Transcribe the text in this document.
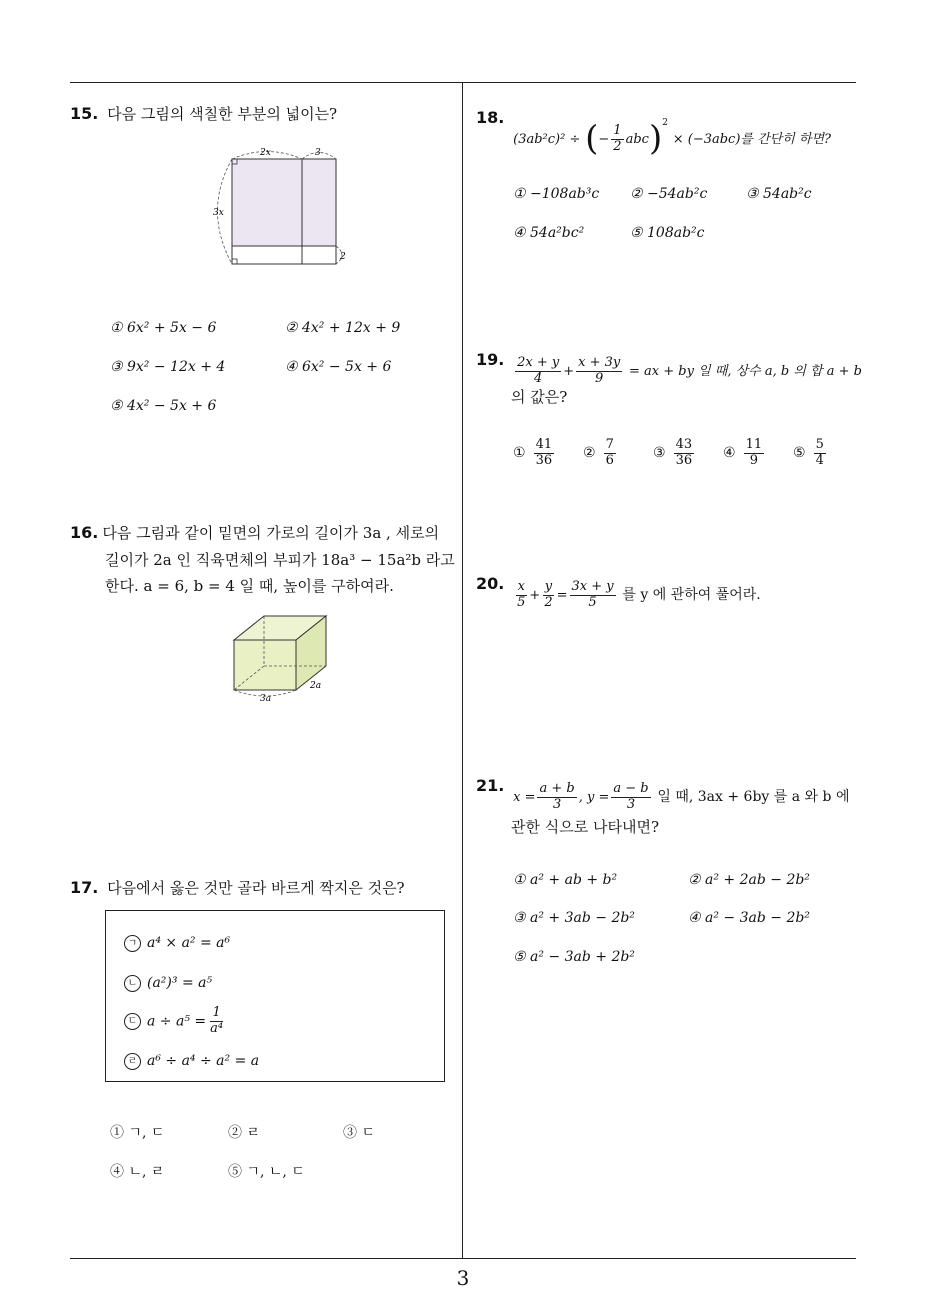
3
15. 다음 그림의 색칠한 부분의 넓이는?
2x	3
3x
2
① 6x² + 5x − 6	② 4x² + 12x + 9
③ 9x² − 12x + 4	④ 6x² − 5x + 6
⑤ 4x² − 5x + 6
16. 다음 그림과 같이 밑면의 가로의 길이가 3a , 세로의
길이가 2a 인 직육면체의 부피가 18a³ − 15a²b 라고
한다. a = 6, b = 4 일 때, 높이를 구하여라.
3a
2a
17. 다음에서 옳은 것만 골라 바르게 짝지은 것은?
ㄱ a⁴ × a² = a⁶
ㄴ (a²)³ = a⁵
ㄷ $a \div a^5 = \frac{1}{\text{a⁴}}$
ㄹ a⁶ ÷ a⁴ ÷ a² = a
① ㄱ, ㄷ	② ㄹ	③ ㄷ
④ ㄴ, ㄹ	⑤ ㄱ, ㄴ, ㄷ
18. (3ab²c)² ÷ (− $\frac{1}{2} abc)^2 \times (-3abc)$를 간단히 하면?
① −108ab³c ② −54ab²c	③ 54ab²c
④ 54a²bc²	⑤ 108ab²c
19. $\frac{2x + y}{4} + \frac{x + 3y}{9}$ = ax + by 일 때, 상수 a, b 의 합 a + b
의 값은?
① $\frac{41}{36}$ ② $\frac{7}{6}$	③ $\frac{43}{36}$ ④ $\frac{11}{9}$ ⑤ $\frac{5}{4}$
20. $\frac{x}{5} + \frac{y}{2} = \frac{3x + y}{5}$ 를 y 에 관하여 풀어라.
21. $x = \frac{a + b}{3}$ , $y = \frac{a - b}{3}$ 일 때, 3ax + 6by 를 a 와 b 에
관한 식으로 나타내면?
① a² + ab + b²	② a² + 2ab − 2b²
③ a² + 3ab − 2b²	④ a² − 3ab − 2b²
⑤ a² − 3ab + 2b²
